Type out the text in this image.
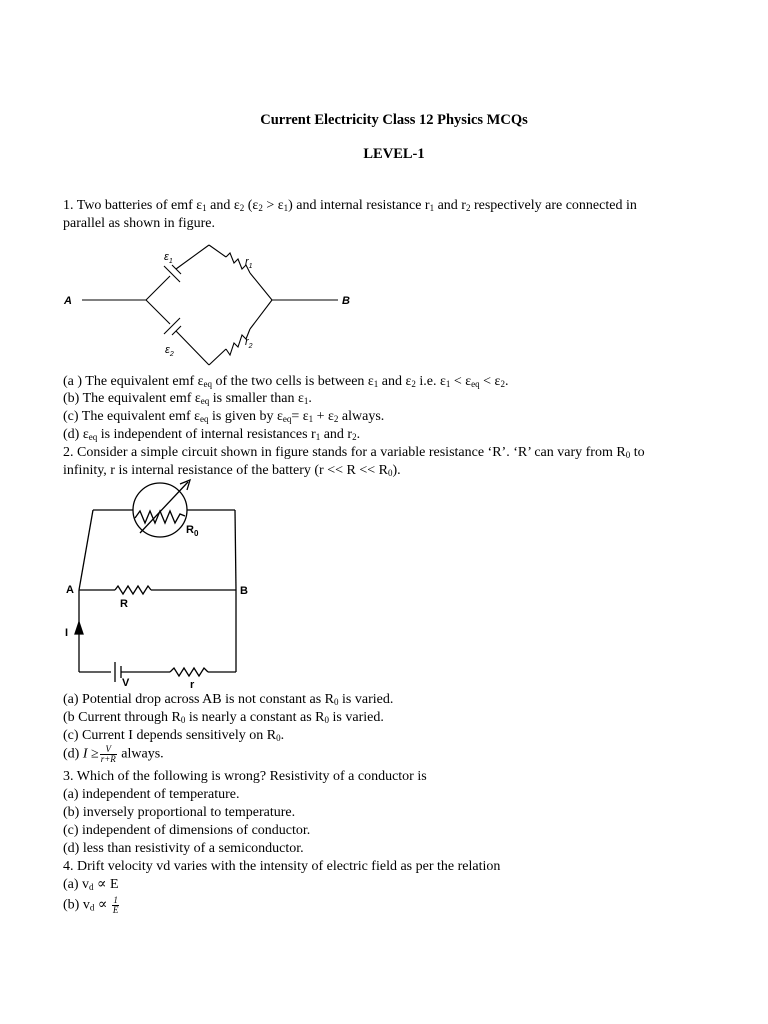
Current Electricity Class 12 Physics MCQs
LEVEL-1
1. Two batteries of emf $\varepsilon_1$ and $\varepsilon_2$ $(\varepsilon_2 > \varepsilon_1)$ and internal resistance $r_1$ and $r_2$ respectively are connected in
parallel as shown in figure.
A	B
$\varepsilon_1$	$r_1$
$\varepsilon_2$
$r_2$
(a ) The equivalent emf $\varepsilon_{eq}$ of the two cells is between $\varepsilon_1$ and $\varepsilon_2$ i.e. $\varepsilon_1 < \varepsilon_{eq} < \varepsilon_2$.
(b) The equivalent emf $\varepsilon_{eq}$ is smaller than $\varepsilon_1$.
(c) The equivalent emf $\varepsilon_{eq}$ is given by $\varepsilon_{eq}= \varepsilon_1 + \varepsilon_2$ always.
(d) $\varepsilon_{eq}$ is independent of internal resistances $r_1$ and $r_2$.
2. Consider a simple circuit shown in figure stands for a variable resistance ‘R’. ‘R’ can vary from $R_0$ to
infinity, r is internal resistance of the battery $(r << R << R_0)$.
$R_0$
A	B
R
I
V	r
(a) Potential drop across AB is not constant as $R_0$ is varied.
(b Current through $R_0$ is nearly a constant as $R_0$ is varied.
(c) Current I depends sensitively on $R_0$.
(d) $I \ge \frac{V}{r+R}$ always.
3. Which of the following is wrong? Resistivity of a conductor is
(a) independent of temperature.
(b) inversely proportional to temperature.
(c) independent of dimensions of conductor.
(d) less than resistivity of a semiconductor.
4. Drift velocity vd varies with the intensity of electric field as per the relation
(a) $v_d \propto E$
(b) $v_d \propto \frac{1}{E}$
